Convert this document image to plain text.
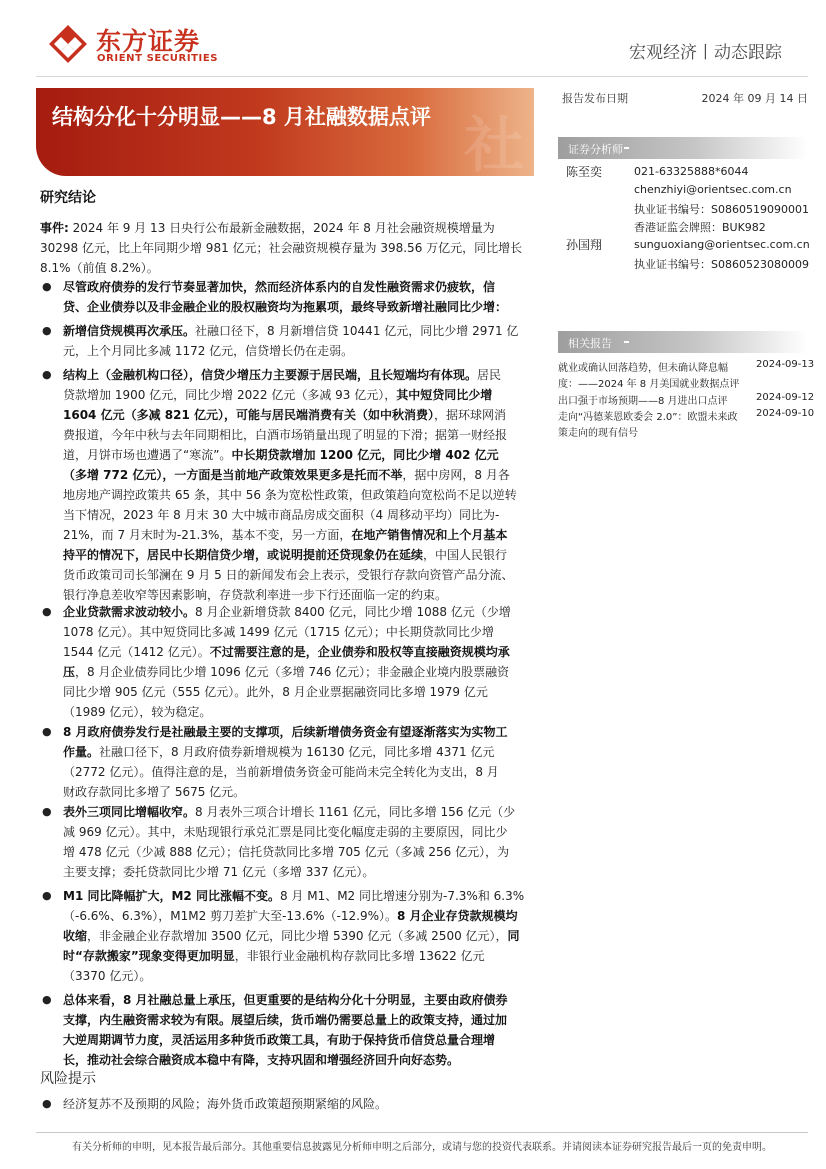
东方证券
ORIENT SECURITIES	宏观经济丨动态跟踪
社
结构分化十分明显——8 月社融数据点评
报告发布日期	2024 年 09 月 14 日
证券分析师
陈至奕	021-63325888*6044
chenzhiyi@orientsec.com.cn
执业证书编号：S0860519090001
香港证监会牌照：BUK982
孙国翔	sunguoxiang@orientsec.com.cn
执业证书编号：S0860523080009
相关报告
就业或确认回落趋势，但未确认降息幅
度：——2024 年 8 月美国就业数据点评
2024-09-13
出口强于市场预期——8 月进出口点评	2024-09-12
走向“冯德莱恩欧委会 2.0”：欧盟未来政
策走向的现有信号
2024-09-10
研究结论
事件: 2024 年 9 月 13 日央行公布最新金融数据，2024 年 8 月社会融资规模增量为
30298 亿元，比上年同期少增 981 亿元；社会融资规模存量为 398.56 万亿元，同比增长
8.1%（前值 8.2%）。
● 尽管政府债券的发行节奏显著加快，然而经济体系内的自发性融资需求仍疲软，信
贷、企业债券以及非金融企业的股权融资均为拖累项，最终导致新增社融同比少增：
● 新增信贷规模再次承压。社融口径下，8 月新增信贷 10441 亿元，同比少增 2971 亿
元，上个月同比多减 1172 亿元，信贷增长仍在走弱。
● 结构上（金融机构口径），信贷少增压力主要源于居民端，且长短端均有体现。居民
贷款增加 1900 亿元，同比少增 2022 亿元（多减 93 亿元），其中短贷同比少增
1604 亿元（多减 821 亿元），可能与居民端消费有关（如中秋消费），据环球网消
费报道，今年中秋与去年同期相比，白酒市场销量出现了明显的下滑；据第一财经报
道，月饼市场也遭遇了“寒流”。中长期贷款增加 1200 亿元，同比少增 402 亿元
（多增 772 亿元），一方面是当前地产政策效果更多是托而不举，据中房网，8 月各
地房地产调控政策共 65 条，其中 56 条为宽松性政策，但政策趋向宽松尚不足以逆转
当下情况，2023 年 8 月末 30 大中城市商品房成交面积（4 周移动平均）同比为-
21%，而 7 月末时为-21.3%，基本不变，另一方面，在地产销售情况和上个月基本
持平的情况下，居民中长期信贷少增，或说明提前还贷现象仍在延续，中国人民银行
货币政策司司长邹澜在 9 月 5 日的新闻发布会上表示，受银行存款向资管产品分流、
银行净息差收窄等因素影响，存贷款利率进一步下行还面临一定的约束。
● 企业贷款需求波动较小。8 月企业新增贷款 8400 亿元，同比少增 1088 亿元（少增
1078 亿元）。其中短贷同比多减 1499 亿元（1715 亿元）；中长期贷款同比少增
1544 亿元（1412 亿元）。不过需要注意的是，企业债券和股权等直接融资规模均承
压，8 月企业债券同比少增 1096 亿元（多增 746 亿元）；非金融企业境内股票融资
同比少增 905 亿元（555 亿元）。此外，8 月企业票据融资同比多增 1979 亿元
（1989 亿元），较为稳定。
● 8 月政府债券发行是社融最主要的支撑项，后续新增债务资金有望逐渐落实为实物工
作量。社融口径下，8 月政府债券新增规模为 16130 亿元，同比多增 4371 亿元
（2772 亿元）。值得注意的是，当前新增债务资金可能尚未完全转化为支出，8 月
财政存款同比多增了 5675 亿元。
● 表外三项同比增幅收窄。8 月表外三项合计增长 1161 亿元，同比多增 156 亿元（少
减 969 亿元）。其中，未贴现银行承兑汇票是同比变化幅度走弱的主要原因，同比少
增 478 亿元（少减 888 亿元）；信托贷款同比多增 705 亿元（多减 256 亿元），为
主要支撑；委托贷款同比少增 71 亿元（多增 337 亿元）。
● M1 同比降幅扩大，M2 同比涨幅不变。8 月 M1、M2 同比增速分别为-7.3%和 6.3%
（-6.6%、6.3%），M1M2 剪刀差扩大至-13.6%（-12.9%）。8 月企业存贷款规模均
收缩，非金融企业存款增加 3500 亿元，同比少增 5390 亿元（多减 2500 亿元），同
时“存款搬家”现象变得更加明显，非银行业金融机构存款同比多增 13622 亿元
（3370 亿元）。
● 总体来看，8 月社融总量上承压，但更重要的是结构分化十分明显，主要由政府债券
支撑，内生融资需求较为有限。展望后续，货币端仍需要总量上的政策支持，通过加
大逆周期调节力度，灵活运用多种货币政策工具，有助于保持货币信贷总量合理增
长，推动社会综合融资成本稳中有降，支持巩固和增强经济回升向好态势。
风险提示
● 经济复苏不及预期的风险；海外货币政策超预期紧缩的风险。
有关分析师的申明，见本报告最后部分。其他重要信息披露见分析师申明之后部分，或请与您的投资代表联系。并请阅读本证券研究报告最后一页的免责申明。
